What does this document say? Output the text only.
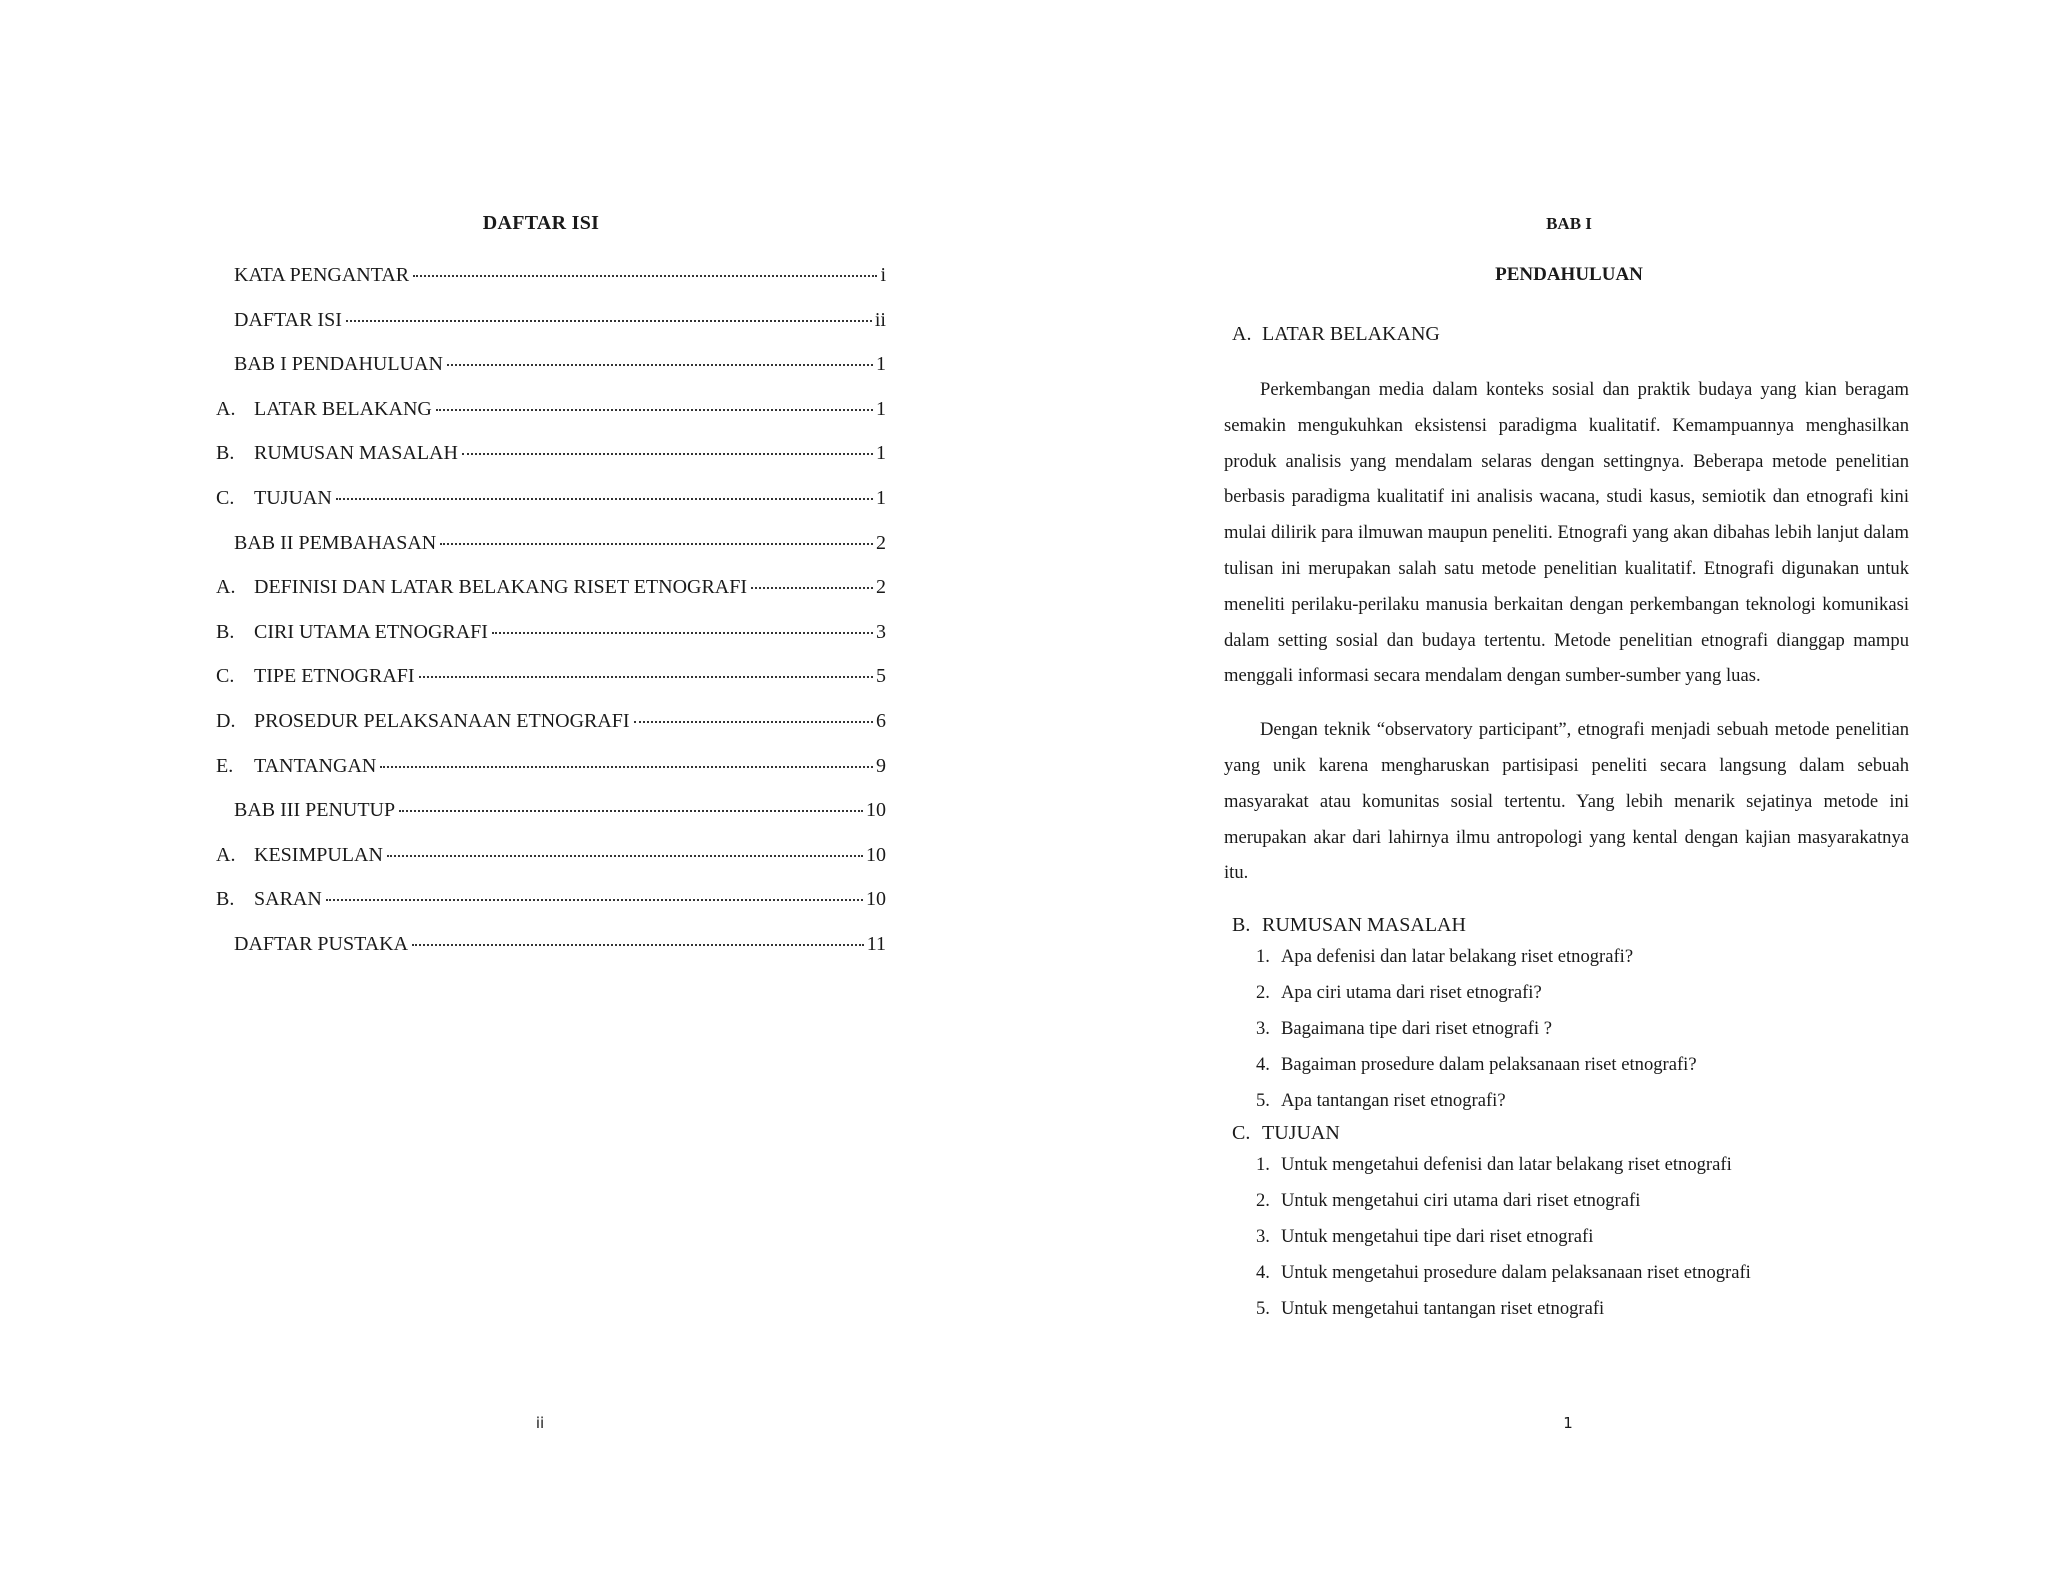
DAFTAR ISI
KATA PENGANTAR	i
DAFTAR ISI	ii
BAB I PENDAHULUAN	1
A. LATAR BELAKANG	1
B. RUMUSAN MASALAH	1
C. TUJUAN	1
BAB II PEMBAHASAN	2
A. DEFINISI DAN LATAR BELAKANG RISET ETNOGRAFI	2
B. CIRI UTAMA ETNOGRAFI	3
C. TIPE ETNOGRAFI	5
D. PROSEDUR PELAKSANAAN ETNOGRAFI	6
E.	TANTANGAN	9
BAB III PENUTUP	10
A. KESIMPULAN	10
B. SARAN	10
DAFTAR PUSTAKA	11
ii
BAB I
PENDAHULUAN
A. LATAR BELAKANG

Perkembangan media dalam konteks sosial dan praktik budaya yang kian beragam semakin mengukuhkan eksistensi paradigma kualitatif. Kemampuannya menghasilkan produk analisis yang mendalam selaras dengan settingnya. Beberapa metode penelitian berbasis paradigma kualitatif ini analisis wacana, studi kasus, semiotik dan etnografi kini mulai dilirik para ilmuwan maupun peneliti. Etnografi yang akan dibahas lebih lanjut dalam tulisan ini merupakan salah satu metode penelitian kualitatif. Etnografi digunakan untuk meneliti perilaku-perilaku manusia berkaitan dengan perkembangan teknologi komunikasi dalam setting sosial dan budaya tertentu. Metode penelitian etnografi dianggap mampu menggali informasi secara mendalam dengan sumber-sumber yang luas.

Dengan teknik “observatory participant”, etnografi menjadi sebuah metode penelitian yang unik karena mengharuskan partisipasi peneliti secara langsung dalam sebuah masyarakat atau komunitas sosial tertentu. Yang lebih menarik sejatinya metode ini merupakan akar dari lahirnya ilmu antropologi yang kental dengan kajian masyarakatnya itu.

B. RUMUSAN MASALAH
1. Apa defenisi dan latar belakang riset etnografi?
2. Apa ciri utama dari riset etnografi?
3. Bagaimana tipe dari riset etnografi ?
4. Bagaiman prosedure dalam pelaksanaan riset etnografi?
5. Apa tantangan riset etnografi?
C. TUJUAN
1. Untuk mengetahui defenisi dan latar belakang riset etnografi
2. Untuk mengetahui ciri utama dari riset etnografi
3. Untuk mengetahui tipe dari riset etnografi
4. Untuk mengetahui prosedure dalam pelaksanaan riset etnografi
5. Untuk mengetahui tantangan riset etnografi
1
